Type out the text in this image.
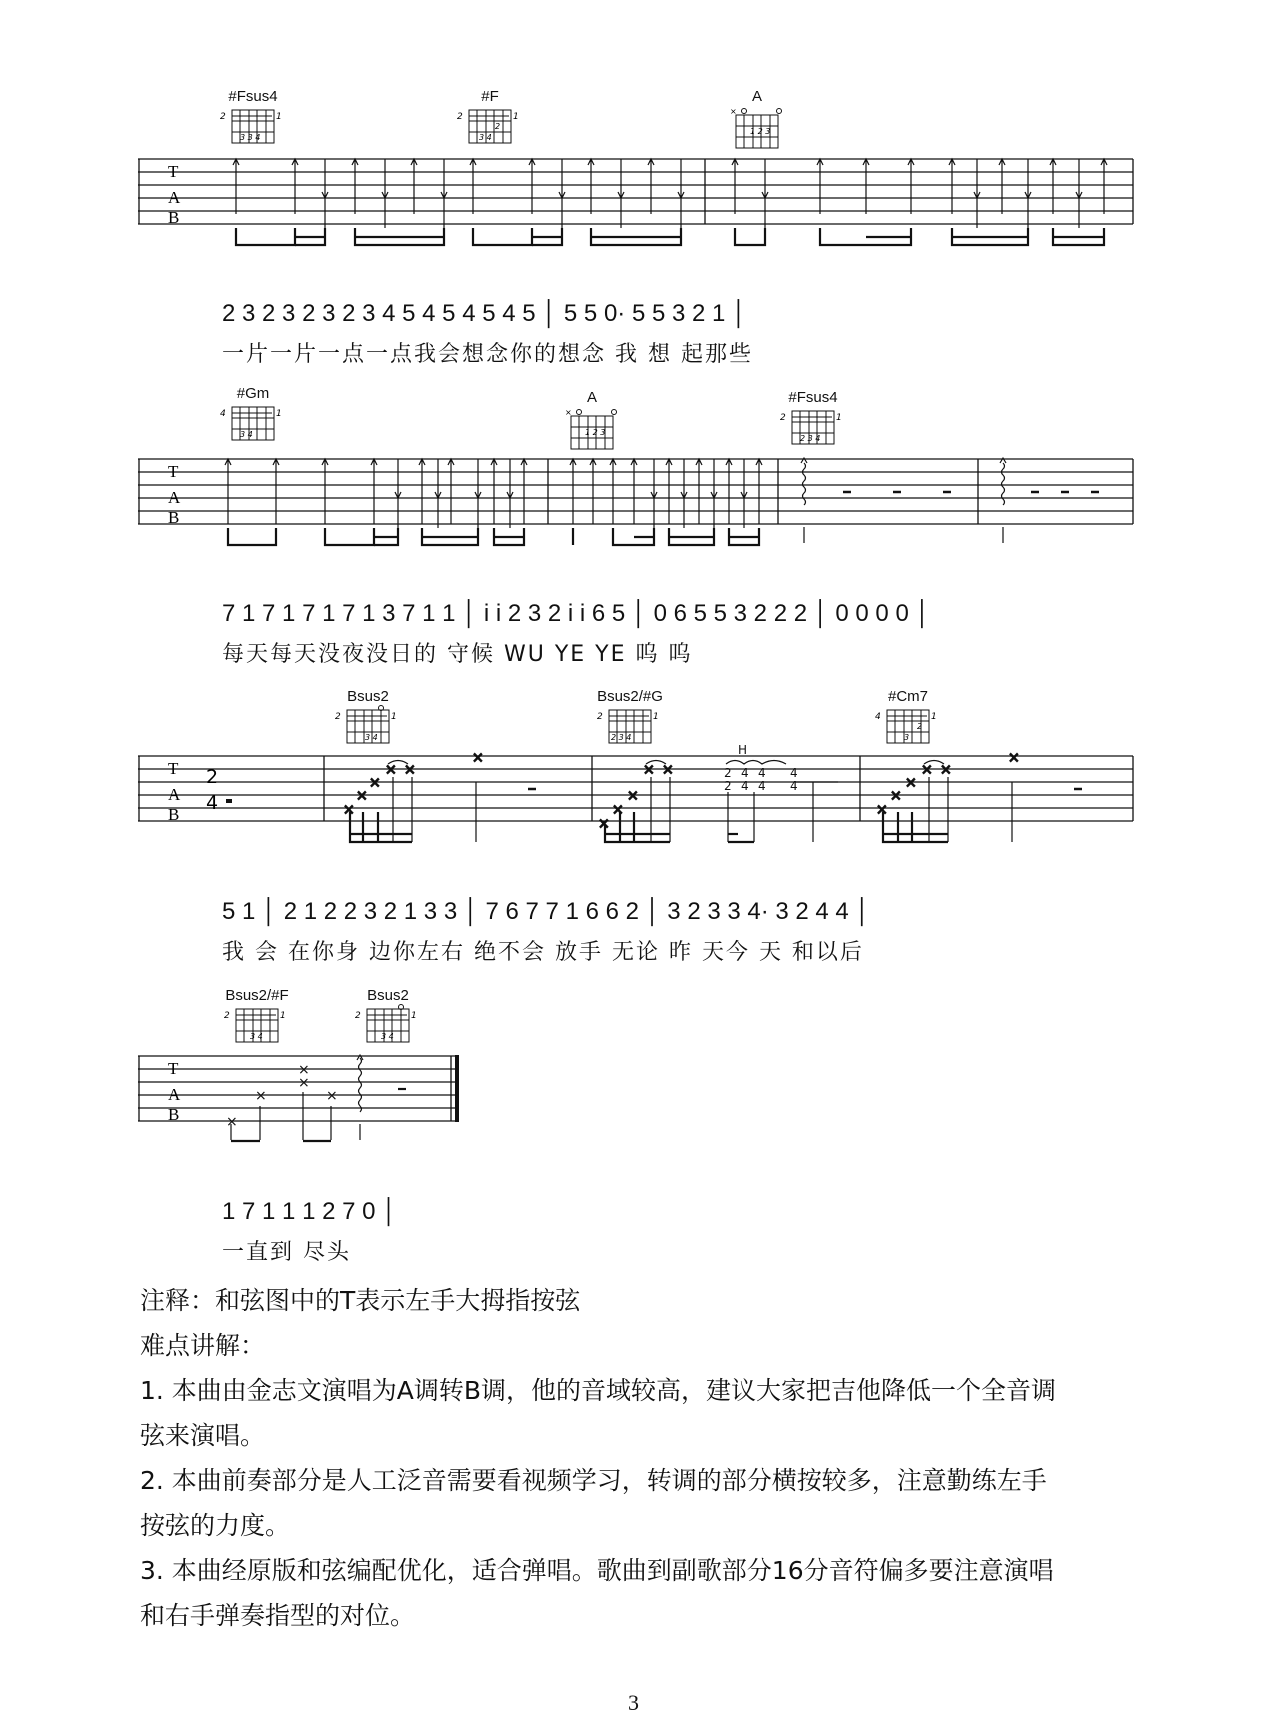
#Fsus4
2	1
3 3 4
#F
2	1
2
3 4
A
×
1 2 3
T
A
B
2 3 2 3 2 3 2 3 4 5 4 5 4 5 4 5 │ 5 5 0· 5 5 3 2 1 │
一片一片一点一点我会想念你的想念 我 想 起那些
#Gm
4	1
3 4
A
×
1 2 3
#Fsus4
2	1
2 3 4
T
A
B
7 1 7 1 7 1 7 1 3 7 1 1 │ i i 2 3 2 i i 6 5 │ 0 6 5 5 3 2 2 2 │ 0 0 0 0 │
每天每天没夜没日的 守候 WU YE YE 呜 呜
Bsus2
2	1
3 4
Bsus2/#G
2	1
2 3 4
#Cm7
4	1
2
3
H
T
A
B
2
4	×
×
×
× ×
×
×
×
×
× ×
×
×
×
× ×
×
2
2
4
4
4
4
4
4
5 1 │ 2 1 2 2 3 2 1 3 3 │ 7 6 7 7 1 6 6 2 │ 3 2 3 3 4· 3 2 4 4 │
我 会 在你身 边你左右 绝不会 放手 无论 昨 天今 天 和以后
Bsus2/#F
2	1
3 4
Bsus2
2	1
3 4
T
A
B	×
×
×
×
×
1 7 1 1 1 2 7 0 │
一直到 尽头

注释：和弦图中的T表示左手大拇指按弦

难点讲解：

1. 本曲由金志文演唱为A调转B调，他的音域较高，建议大家把吉他降低一个全音调

弦来演唱。

2. 本曲前奏部分是人工泛音需要看视频学习，转调的部分横按较多，注意勤练左手

按弦的力度。

3. 本曲经原版和弦编配优化，适合弹唱。歌曲到副歌部分16分音符偏多要注意演唱

和右手弹奏指型的对位。

3
